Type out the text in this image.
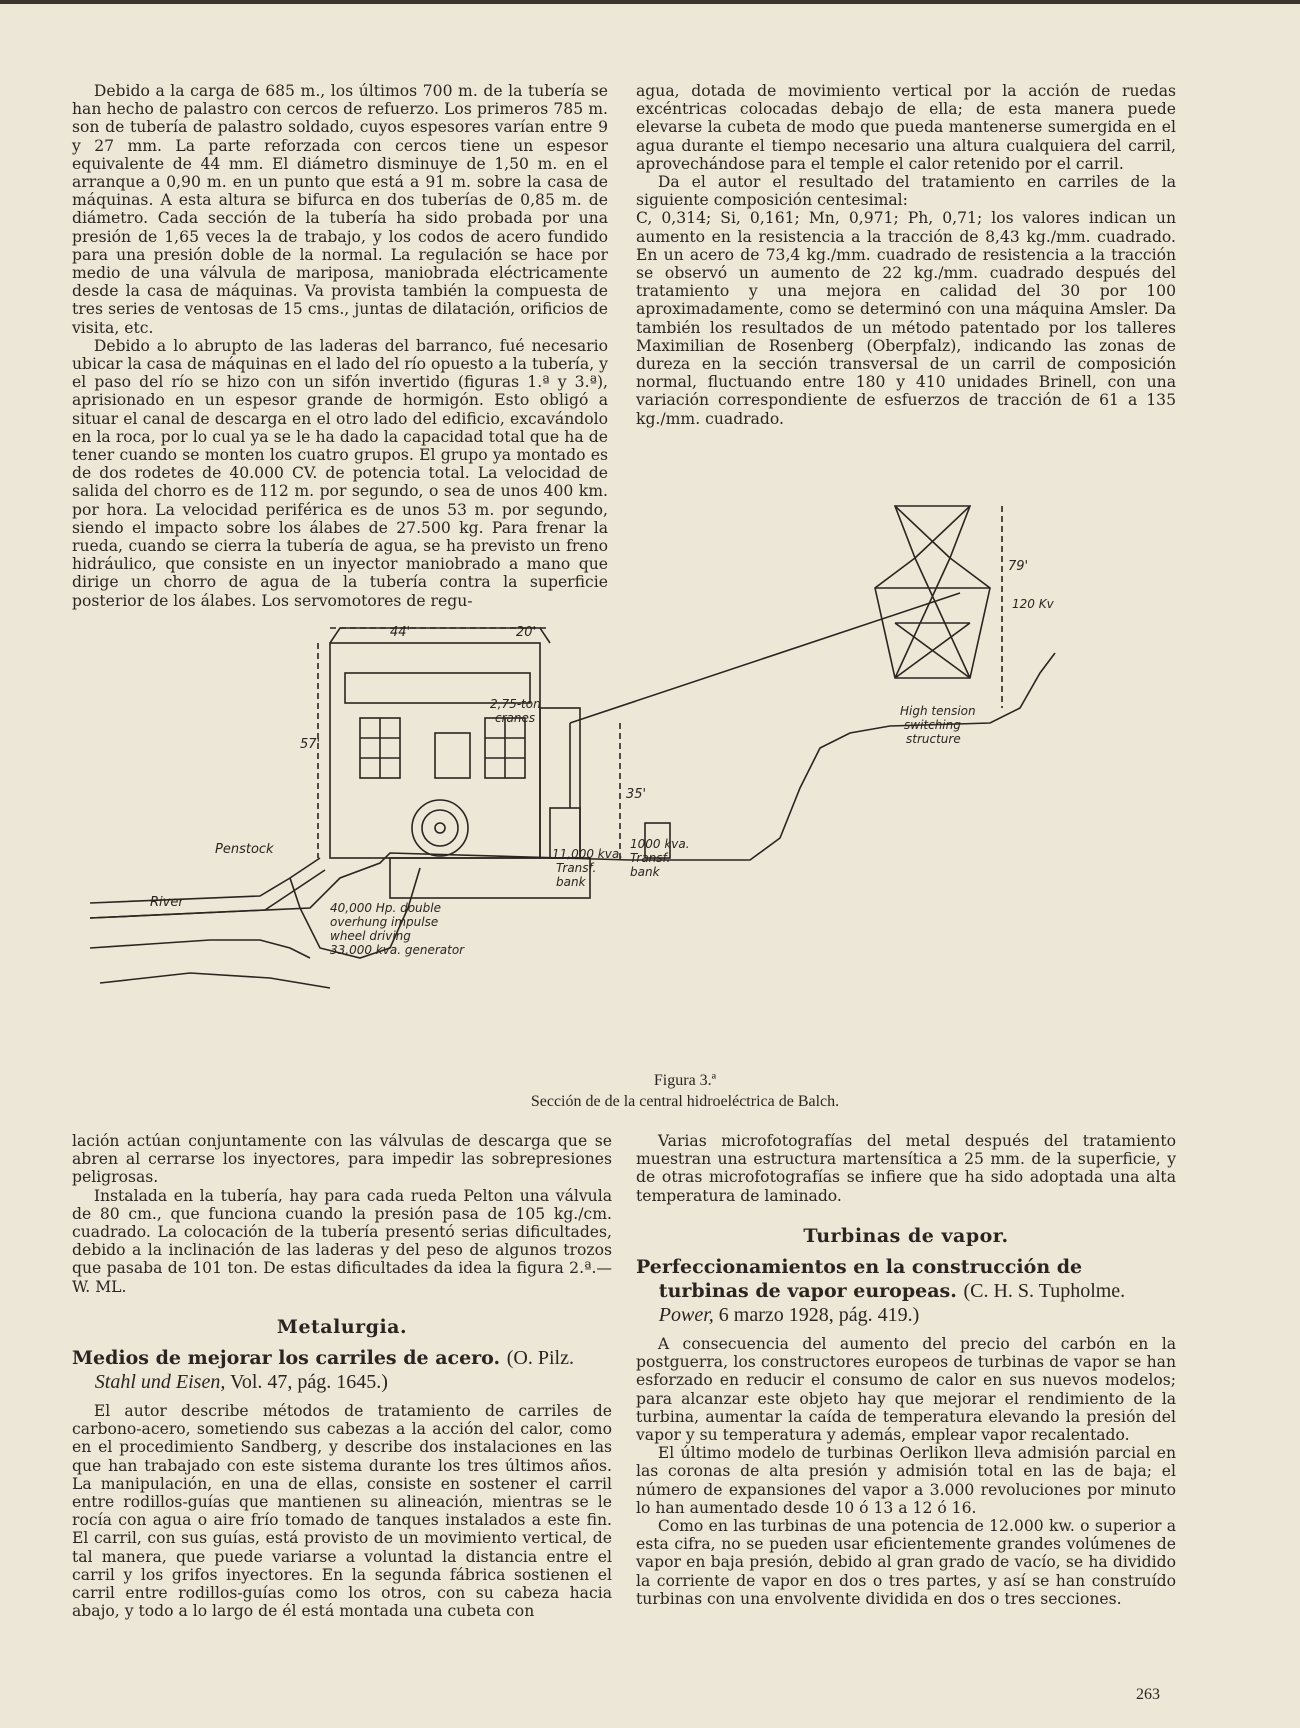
Debido a la carga de 685 m., los últimos 700 m. de la tubería se han hecho de palastro con cercos de refuerzo. Los primeros 785 m. son de tubería de palastro soldado, cuyos espesores varían entre 9 y 27 mm. La parte reforzada con cercos tiene un espesor equivalente de 44 mm. El diámetro disminuye de 1,50 m. en el arranque a 0,90 m. en un punto que está a 91 m. sobre la casa de máquinas. A esta altura se bifurca en dos tuberías de 0,85 m. de diámetro. Cada sección de la tubería ha sido probada por una presión de 1,65 veces la de trabajo, y los codos de acero fundido para una presión doble de la normal. La regulación se hace por medio de una válvula de mariposa, maniobrada eléctricamente desde la casa de máquinas. Va provista también la compuesta de tres series de ventosas de 15 cms., juntas de dilatación, orificios de visita, etc.

Debido a lo abrupto de las laderas del barranco, fué necesario ubicar la casa de máquinas en el lado del río opuesto a la tubería, y el paso del río se hizo con un sifón invertido (figuras 1.ª y 3.ª), aprisionado en un espesor grande de hormigón. Esto obligó a situar el canal de descarga en el otro lado del edificio, excavándolo en la roca, por lo cual ya se le ha dado la capacidad total que ha de tener cuando se monten los cuatro grupos. El grupo ya montado es de dos rodetes de 40.000 CV. de potencia total. La velocidad de salida del chorro es de 112 m. por segundo, o sea de unos 400 km. por hora. La velocidad periférica es de unos 53 m. por segundo, siendo el impacto sobre los álabes de 27.500 kg. Para frenar la rueda, cuando se cierra la tubería de agua, se ha previsto un freno hidráulico, que consiste en un inyector maniobrado a mano que dirige un chorro de agua de la tubería contra la superficie posterior de los álabes. Los servomotores de regu-

agua, dotada de movimiento vertical por la acción de ruedas excéntricas colocadas debajo de ella; de esta manera puede elevarse la cubeta de modo que pueda mantenerse sumergida en el agua durante el tiempo necesario una altura cualquiera del carril, aprovechándose para el temple el calor retenido por el carril.

Da el autor el resultado del tratamiento en carriles de la siguiente composición centesimal:

C, 0,314; Si, 0,161; Mn, 0,971; Ph, 0,71; los valores indican un aumento en la resistencia a la tracción de 8,43 kg./mm. cuadrado. En un acero de 73,4 kg./mm. cuadrado de resistencia a la tracción se observó un aumento de 22 kg./mm. cuadrado después del tratamiento y una mejora en calidad del 30 por 100 aproximadamente, como se determinó con una máquina Amsler. Da también los resultados de un método patentado por los talleres Maximilian de Rosenberg (Oberpfalz), indicando las zonas de dureza en la sección transversal de un carril de composición normal, fluctuando entre 180 y 410 unidades Brinell, con una variación correspondiente de esfuerzos de tracción de 61 a 135 kg./mm. cuadrado.

44'	20'
57'
35'
79'
2,75-ton
cranes
Penstock
River	40,000 Hp. double
overhung impulse
wheel driving
33,000 kva. generator
11,000 kva.
Transf.
bank
1000 kva.
Transf.
bank
120 Kv
High tension
switching
structure
Figura 3.ª
Sección de de la central hidroeléctrica de Balch.

lación actúan conjuntamente con las válvulas de descarga que se abren al cerrarse los inyectores, para impedir las sobrepresiones peligrosas.

Instalada en la tubería, hay para cada rueda Pelton una válvula de 80 cm., que funciona cuando la presión pasa de 105 kg./cm. cuadrado. La colocación de la tubería presentó serias dificultades, debido a la inclinación de las laderas y del peso de algunos trozos que pasaba de 101 ton. De estas dificultades da idea la figura 2.ª.—W. ML.

Metalurgia.
Medios de mejorar los carriles de acero. (O. Pilz.
Stahl und Eisen, Vol. 47, pág. 1645.)

El autor describe métodos de tratamiento de carriles de carbono-acero, sometiendo sus cabezas a la acción del calor, como en el procedimiento Sandberg, y describe dos instalaciones en las que han trabajado con este sistema durante los tres últimos años. La manipulación, en una de ellas, consiste en sostener el carril entre rodillos-guías que mantienen su alineación, mientras se le rocía con agua o aire frío tomado de tanques instalados a este fin. El carril, con sus guías, está provisto de un movimiento vertical, de tal manera, que puede variarse a voluntad la distancia entre el carril y los grifos inyectores. En la segunda fábrica sostienen el carril entre rodillos-guías como los otros, con su cabeza hacia abajo, y todo a lo largo de él está montada una cubeta con

Varias microfotografías del metal después del tratamiento muestran una estructura martensítica a 25 mm. de la superficie, y de otras microfotografías se infiere que ha sido adoptada una alta temperatura de laminado.

Turbinas de vapor.
Perfeccionamientos en la construcción de turbinas de vapor europeas. (C. H. S. Tupholme.
Power, 6 marzo 1928, pág. 419.)

A consecuencia del aumento del precio del carbón en la postguerra, los constructores europeos de turbinas de vapor se han esforzado en reducir el consumo de calor en sus nuevos modelos; para alcanzar este objeto hay que mejorar el rendimiento de la turbina, aumentar la caída de temperatura elevando la presión del vapor y su temperatura y además, emplear vapor recalentado.

El último modelo de turbinas Oerlikon lleva admisión parcial en las coronas de alta presión y admisión total en las de baja; el número de expansiones del vapor a 3.000 revoluciones por minuto lo han aumentado desde 10 ó 13 a 12 ó 16.

Como en las turbinas de una potencia de 12.000 kw. o superior a esta cifra, no se pueden usar eficientemente grandes volúmenes de vapor en baja presión, debido al gran grado de vacío, se ha dividido la corriente de vapor en dos o tres partes, y así se han construído turbinas con una envolvente dividida en dos o tres secciones.

263
